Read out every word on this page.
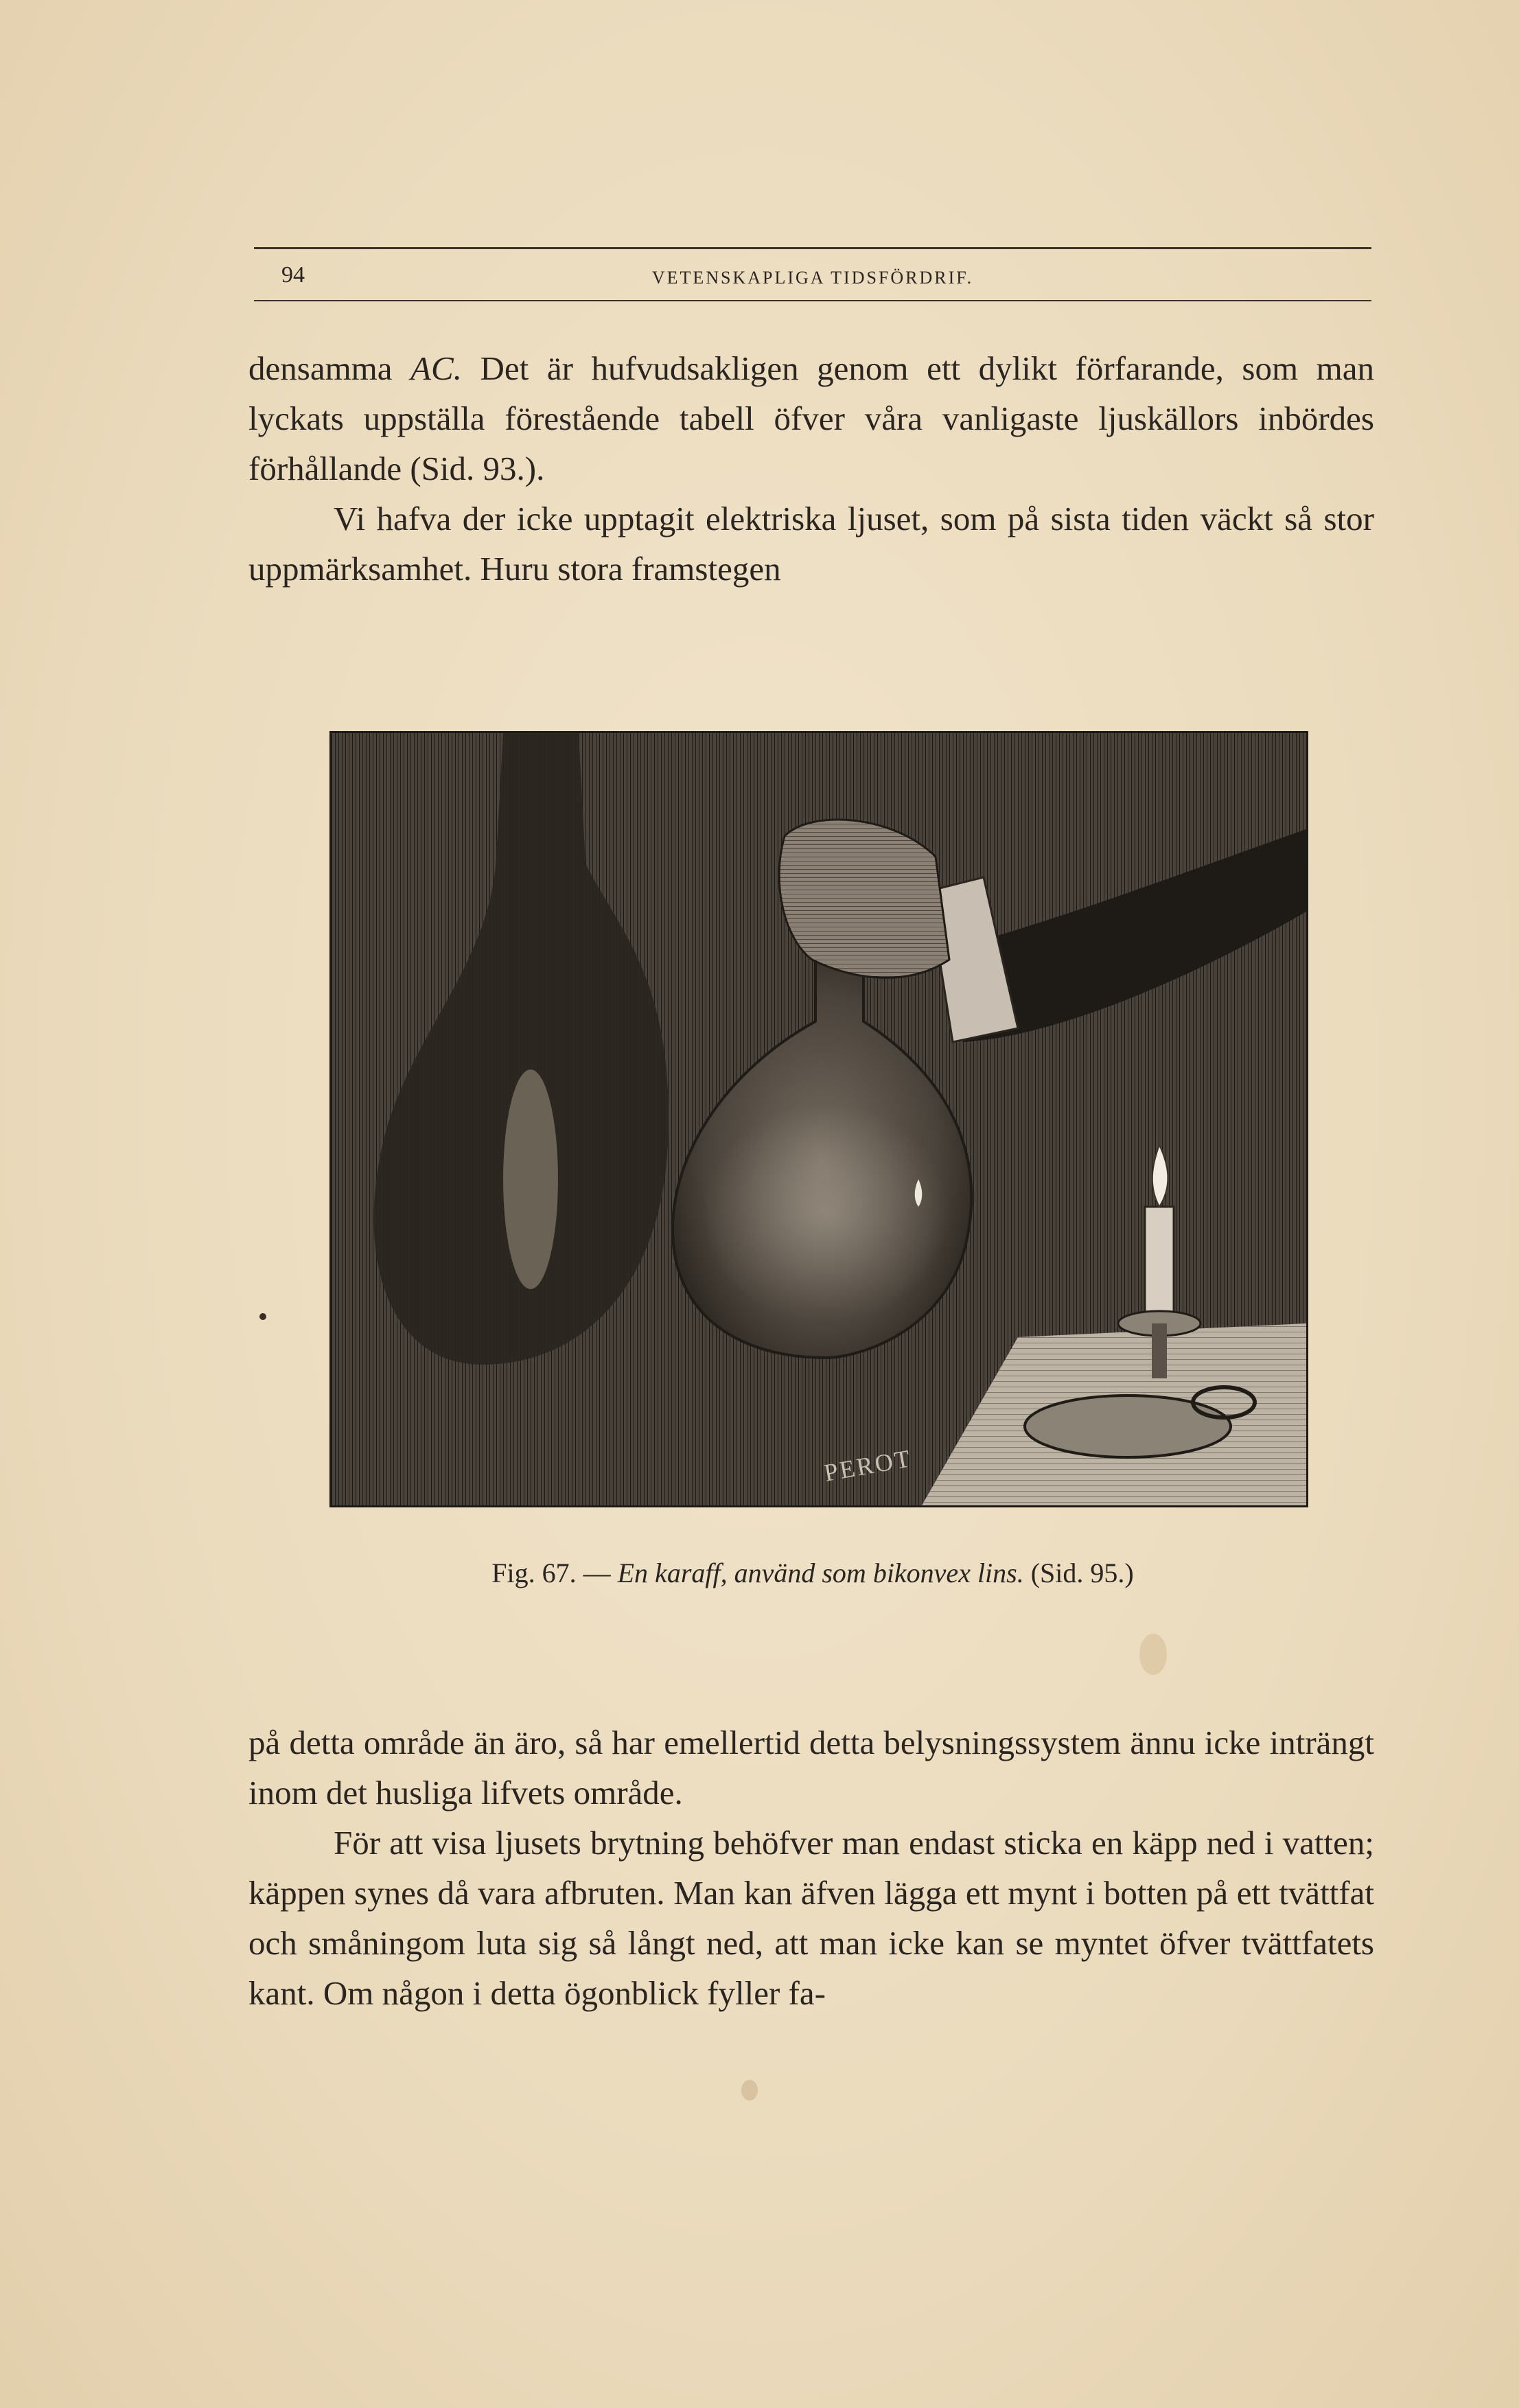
94	VETENSKAPLIGA TIDSFÖRDRIF.

densamma AC. Det är hufvudsakligen genom ett dylikt förfarande, som man lyckats uppställa förestående tabell öfver våra vanligaste ljuskällors inbördes förhållande (Sid. 93.).

Vi hafva der icke upptagit elektriska ljuset, som på sista tiden väckt så stor uppmärksamhet. Huru stora framstegen

PEROT
Fig. 67. — En karaff, använd som bikonvex lins. (Sid. 95.)

på detta område än äro, så har emellertid detta belysningssystem ännu icke inträngt inom det husliga lifvets område.

För att visa ljusets brytning behöfver man endast sticka en käpp ned i vatten; käppen synes då vara afbruten. Man kan äfven lägga ett mynt i botten på ett tvättfat och småningom luta sig så långt ned, att man icke kan se myntet öfver tvättfatets kant. Om någon i detta ögonblick fyller fa-
